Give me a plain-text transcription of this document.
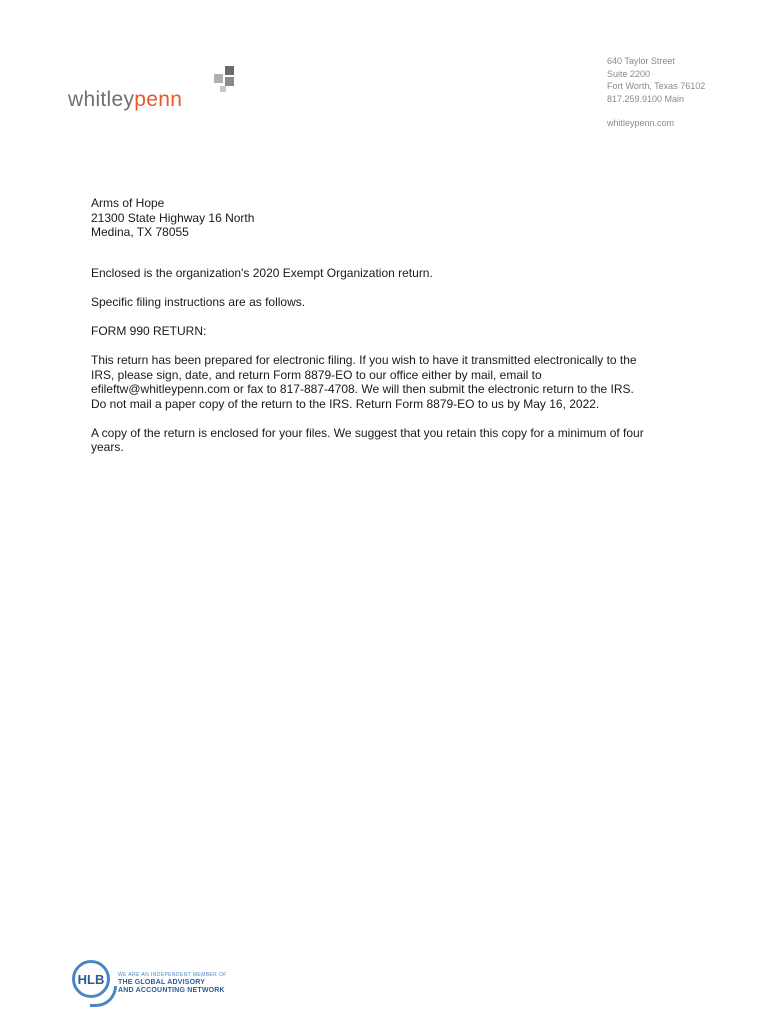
whitleypenn
640 Taylor Street
Suite 2200
Fort Worth, Texas 76102
817.259.9100 Main
whitleypenn.com
Arms of Hope
21300 State Highway 16 North
Medina, TX 78055

Enclosed is the organization's 2020 Exempt Organization return.

Specific filing instructions are as follows.

FORM 990 RETURN:

This return has been prepared for electronic filing. If you wish to have it transmitted electronically to the
IRS, please sign, date, and return Form 8879-EO to our office either by mail, email to
efileftw@whitleypenn.com or fax to 817-887-4708. We will then submit the electronic return to the IRS.
Do not mail a paper copy of the return to the IRS. Return Form 8879-EO to us by May 16, 2022.

A copy of the return is enclosed for your files. We suggest that you retain this copy for a minimum of four
years.

HLB	WE ARE AN INDEPENDENT MEMBER OF
THE GLOBAL ADVISORY
AND ACCOUNTING NETWORK
